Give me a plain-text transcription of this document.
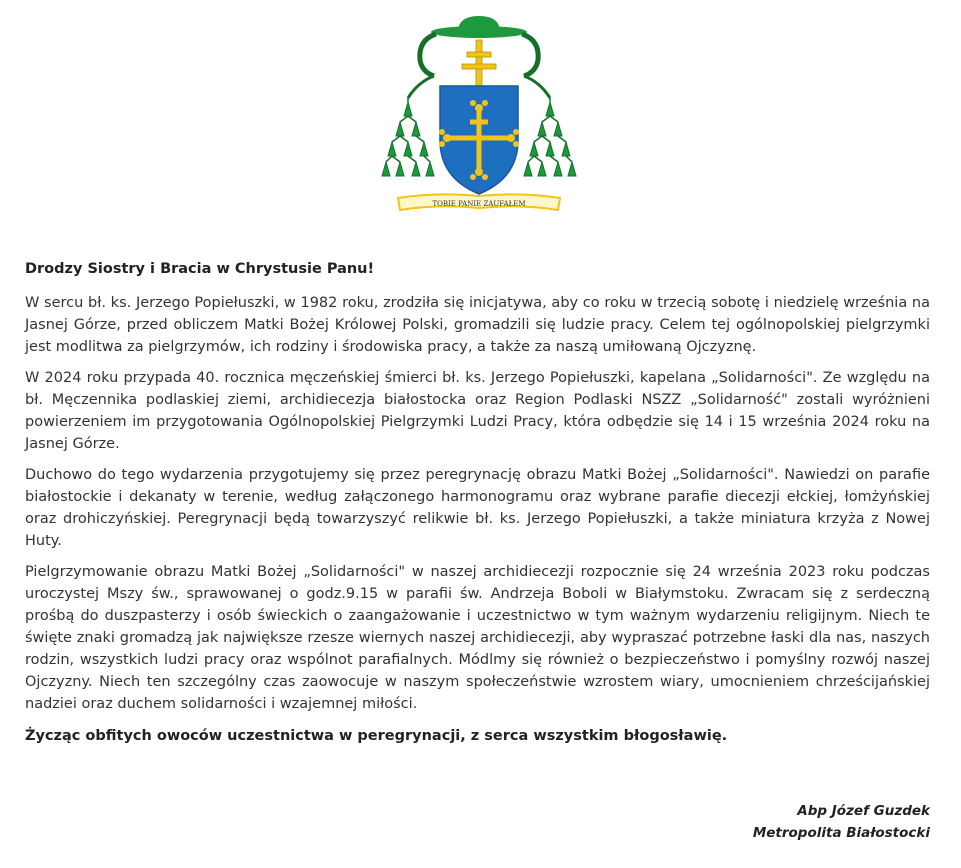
TOBIE PANIE ZAUFAŁEM

Drodzy Siostry i Bracia w Chrystusie Panu!

W sercu bł. ks. Jerzego Popiełuszki, w 1982 roku, zrodziła się inicjatywa, aby co roku w trzecią sobotę i niedzielę września na Jasnej Górze, przed obliczem Matki Bożej Królowej Polski, gromadzili się ludzie pracy. Celem tej ogólnopolskiej pielgrzymki jest modlitwa za pielgrzymów, ich rodziny i środowiska pracy, a także za naszą umiłowaną Ojczyznę.

W 2024 roku przypada 40. rocznica męczeńskiej śmierci bł. ks. Jerzego Popiełuszki, kapelana „Solidarności". Ze względu na bł. Męczennika podlaskiej ziemi, archidiecezja białostocka oraz Region Podlaski NSZZ „Solidarność" zostali wyróżnieni powierzeniem im przygotowania Ogólnopolskiej Pielgrzymki Ludzi Pracy, która odbędzie się 14 i 15 września 2024 roku na Jasnej Górze.

Duchowo do tego wydarzenia przygotujemy się przez peregrynację obrazu Matki Bożej „Solidarności". Nawiedzi on parafie białostockie i dekanaty w terenie, według załączonego harmonogramu oraz wybrane parafie diecezji ełckiej, łomżyńskiej oraz drohiczyńskiej. Peregrynacji będą towarzyszyć relikwie bł. ks. Jerzego Popiełuszki, a także miniatura krzyża z Nowej Huty.

Pielgrzymowanie obrazu Matki Bożej „Solidarności" w naszej archidiecezji rozpocznie się 24 września 2023 roku podczas uroczystej Mszy św., sprawowanej o godz.9.15 w parafii św. Andrzeja Boboli w Białymstoku. Zwracam się z serdeczną prośbą do duszpasterzy i osób świeckich o zaangażowanie i uczestnictwo w tym ważnym wydarzeniu religijnym. Niech te święte znaki gromadzą jak największe rzesze wiernych naszej archidiecezji, aby wypraszać potrzebne łaski dla nas, naszych rodzin, wszystkich ludzi pracy oraz wspólnot parafialnych. Módlmy się również o bezpieczeństwo i pomyślny rozwój naszej Ojczyzny. Niech ten szczególny czas zaowocuje w naszym społeczeństwie wzrostem wiary, umocnieniem chrześcijańskiej nadziei oraz duchem solidarności i wzajemnej miłości.

Życząc obfitych owoców uczestnictwa w peregrynacji, z serca wszystkim błogosławię.

Abp Józef Guzdek
Metropolita Białostocki
